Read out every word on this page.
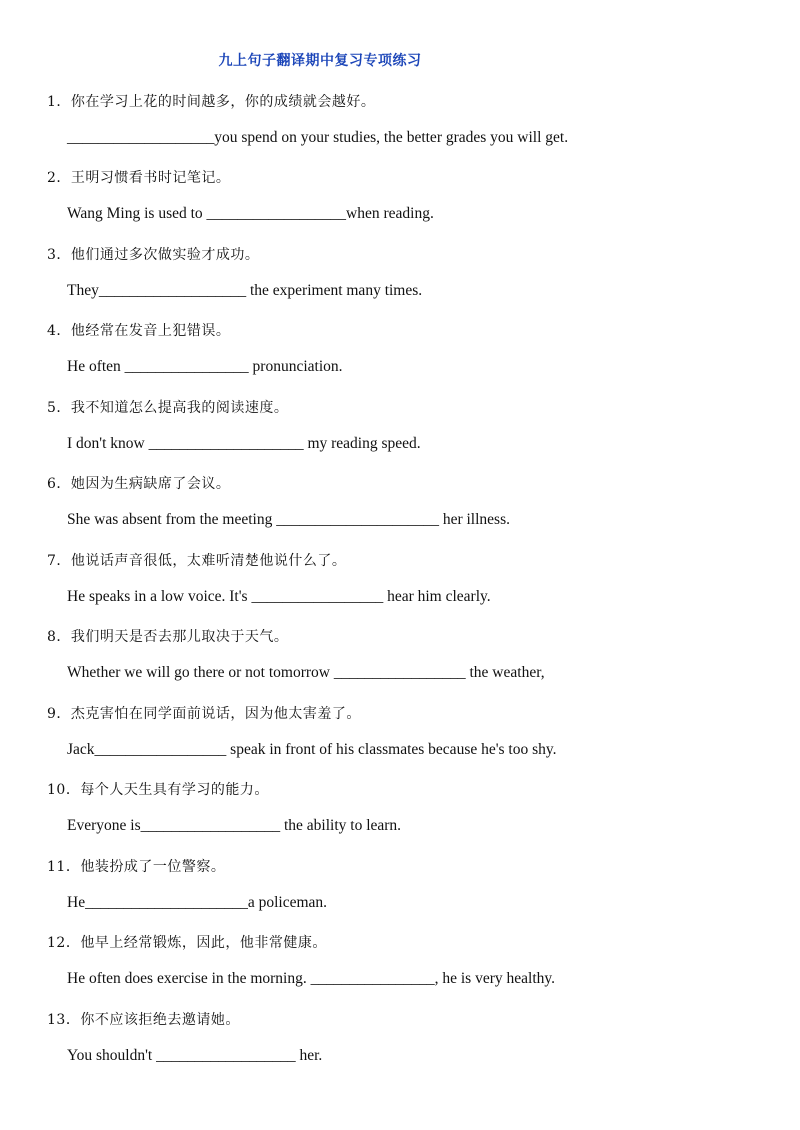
九上句子翻译期中复习专项练习
1．你在学习上花的时间越多，你的成绩就会越好。
___________________you spend on your studies, the better grades you will get.
2．王明习惯看书时记笔记。
Wang Ming is used to __________________when reading.
3．他们通过多次做实验才成功。
They___________________ the experiment many times.
4．他经常在发音上犯错误。
He often ________________ pronunciation.
5．我不知道怎么提高我的阅读速度。
I don't know ____________________ my reading speed.
6．她因为生病缺席了会议。
She was absent from the meeting _____________________ her illness.
7．他说话声音很低，太难听清楚他说什么了。
He speaks in a low voice. It's _________________ hear him clearly.
8．我们明天是否去那儿取决于天气。
Whether we will go there or not tomorrow _________________ the weather,
9．杰克害怕在同学面前说话，因为他太害羞了。
Jack_________________ speak in front of his classmates because he's too shy.
10．每个人天生具有学习的能力。
Everyone is__________________ the ability to learn.
11．他装扮成了一位警察。
He_____________________a policeman.
12．他早上经常锻炼，因此，他非常健康。
He often does exercise in the morning. ________________, he is very healthy.
13．你不应该拒绝去邀请她。
You shouldn't __________________ her.
